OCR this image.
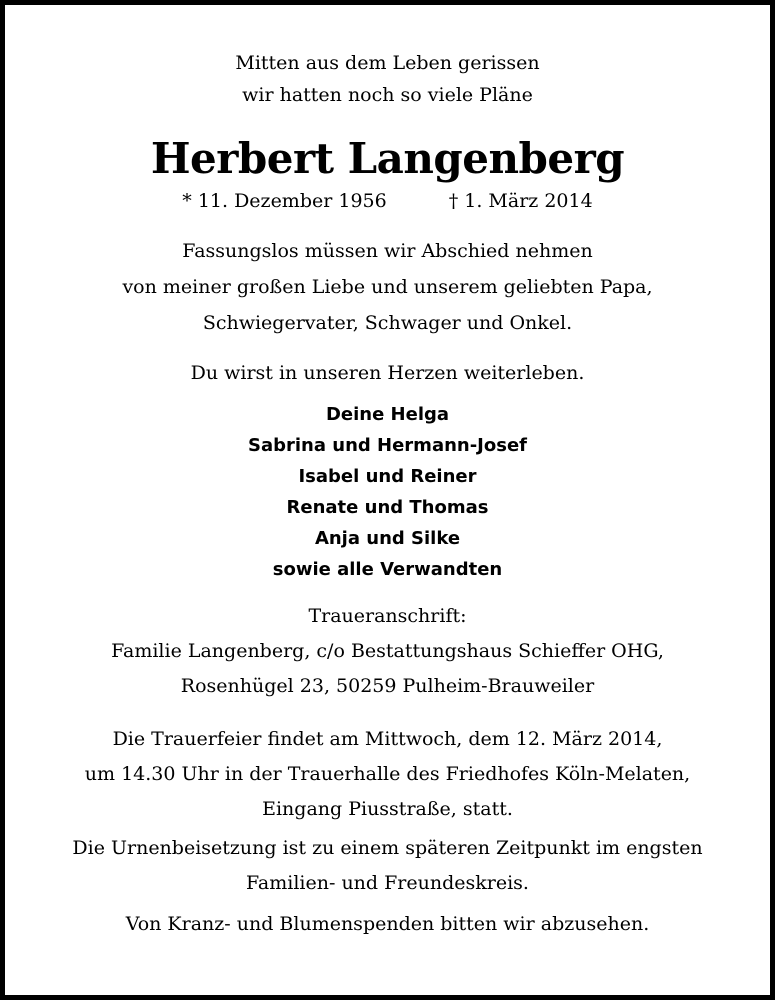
Mitten aus dem Leben gerissen
wir hatten noch so viele Pläne
Herbert Langenberg
* 11. Dezember 1956	† 1. März 2014
Fassungslos müssen wir Abschied nehmen
von meiner großen Liebe und unserem geliebten Papa,
Schwiegervater, Schwager und Onkel.
Du wirst in unseren Herzen weiterleben.
Deine Helga
Sabrina und Hermann-Josef
Isabel und Reiner
Renate und Thomas
Anja und Silke
sowie alle Verwandten
Traueranschrift:
Familie Langenberg, c/o Bestattungshaus Schieffer OHG,
Rosenhügel 23, 50259 Pulheim-Brauweiler
Die Trauerfeier findet am Mittwoch, dem 12. März 2014,
um 14.30 Uhr in der Trauerhalle des Friedhofes Köln-Melaten,
Eingang Piusstraße, statt.
Die Urnenbeisetzung ist zu einem späteren Zeitpunkt im engsten
Familien- und Freundeskreis.
Von Kranz- und Blumenspenden bitten wir abzusehen.
